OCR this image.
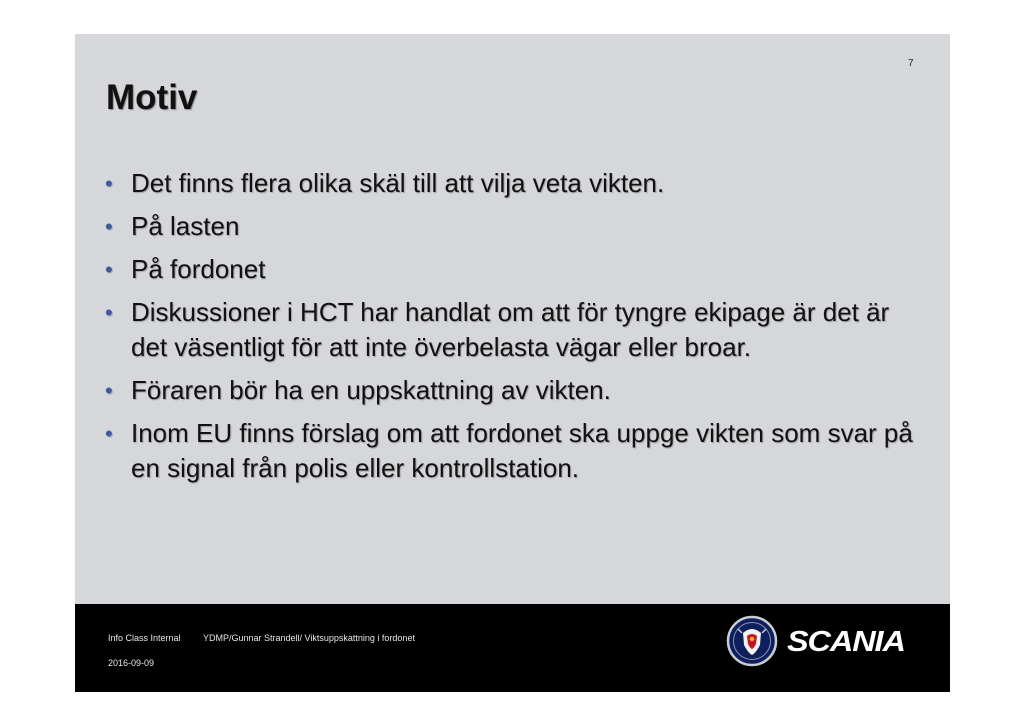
7
Motiv
• Det finns flera olika skäl till att vilja veta vikten.
• På lasten
• På fordonet
• Diskussioner i HCT har handlat om att för tyngre ekipage är det är det väsentligt för att inte överbelasta vägar eller broar.
• Föraren bör ha en uppskattning av vikten.
• Inom EU finns förslag om att fordonet ska uppge vikten som svar på en signal från polis eller kontrollstation.
Info Class Internal YDMP/Gunnar Strandell/ Viktsuppskattning i fordonet
2016-09-09
SCANIA
